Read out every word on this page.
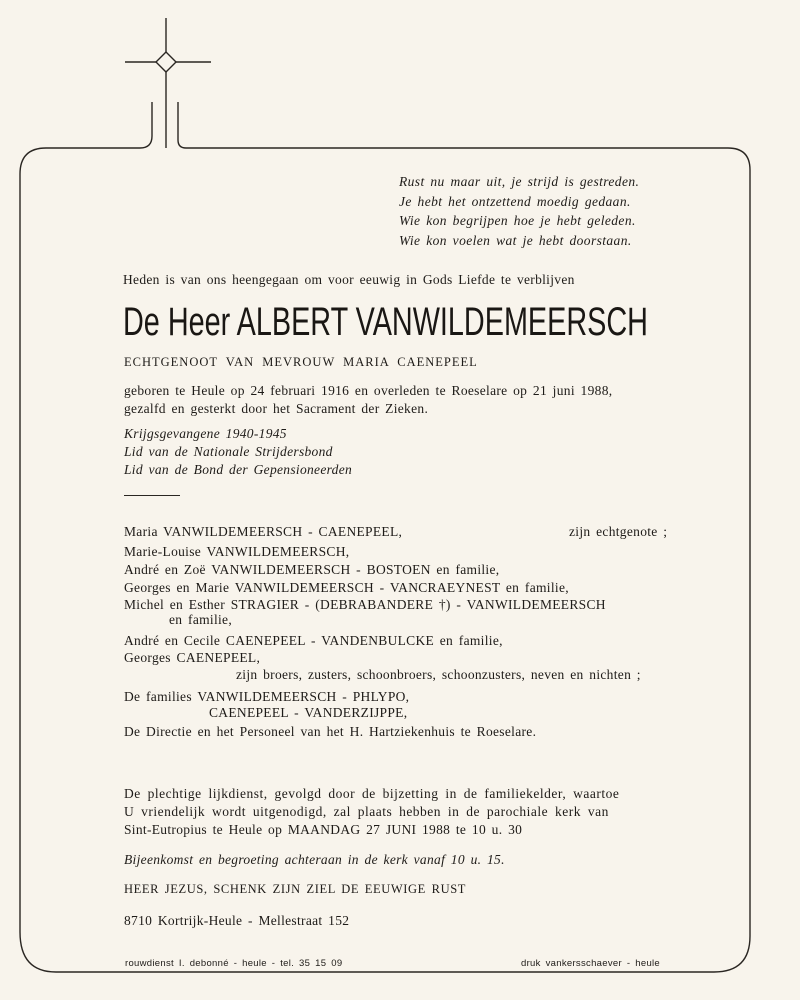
Rust nu maar uit, je strijd is gestreden.
Je hebt het ontzettend moedig gedaan.
Wie kon begrijpen hoe je hebt geleden.
Wie kon voelen wat je hebt doorstaan.
Heden is van ons heengegaan om voor eeuwig in Gods Liefde te verblijven
De Heer ALBERT VANWILDEMEERSCH
ECHTGENOOT VAN MEVROUW MARIA CAENEPEEL
geboren te Heule op 24 februari 1916 en overleden te Roeselare op 21 juni 1988,
gezalfd en gesterkt door het Sacrament der Zieken.
Krijgsgevangene 1940-1945
Lid van de Nationale Strijdersbond
Lid van de Bond der Gepensioneerden
Maria VANWILDEMEERSCH - CAENEPEEL,	zijn echtgenote ;
Marie-Louise VANWILDEMEERSCH,
André en Zoë VANWILDEMEERSCH - BOSTOEN en familie,
Georges en Marie VANWILDEMEERSCH - VANCRAEYNEST en familie,
Michel en Esther STRAGIER - (DEBRABANDERE †) - VANWILDEMEERSCH
en familie,
André en Cecile CAENEPEEL - VANDENBULCKE en familie,
Georges CAENEPEEL,
zijn broers, zusters, schoonbroers, schoonzusters, neven en nichten ;
De families VANWILDEMEERSCH - PHLYPO,
CAENEPEEL - VANDERZIJPPE,
De Directie en het Personeel van het H. Hartziekenhuis te Roeselare.
De plechtige lijkdienst, gevolgd door de bijzetting in de familiekelder, waartoe
U vriendelijk wordt uitgenodigd, zal plaats hebben in de parochiale kerk van
Sint-Eutropius te Heule op MAANDAG 27 JUNI 1988 te 10 u. 30
Bijeenkomst en begroeting achteraan in de kerk vanaf 10 u. 15.
HEER JEZUS, SCHENK ZIJN ZIEL DE EEUWIGE RUST
8710 Kortrijk-Heule - Mellestraat 152
rouwdienst I. debonné - heule - tel. 35 15 09	druk vankersschaever - heule
